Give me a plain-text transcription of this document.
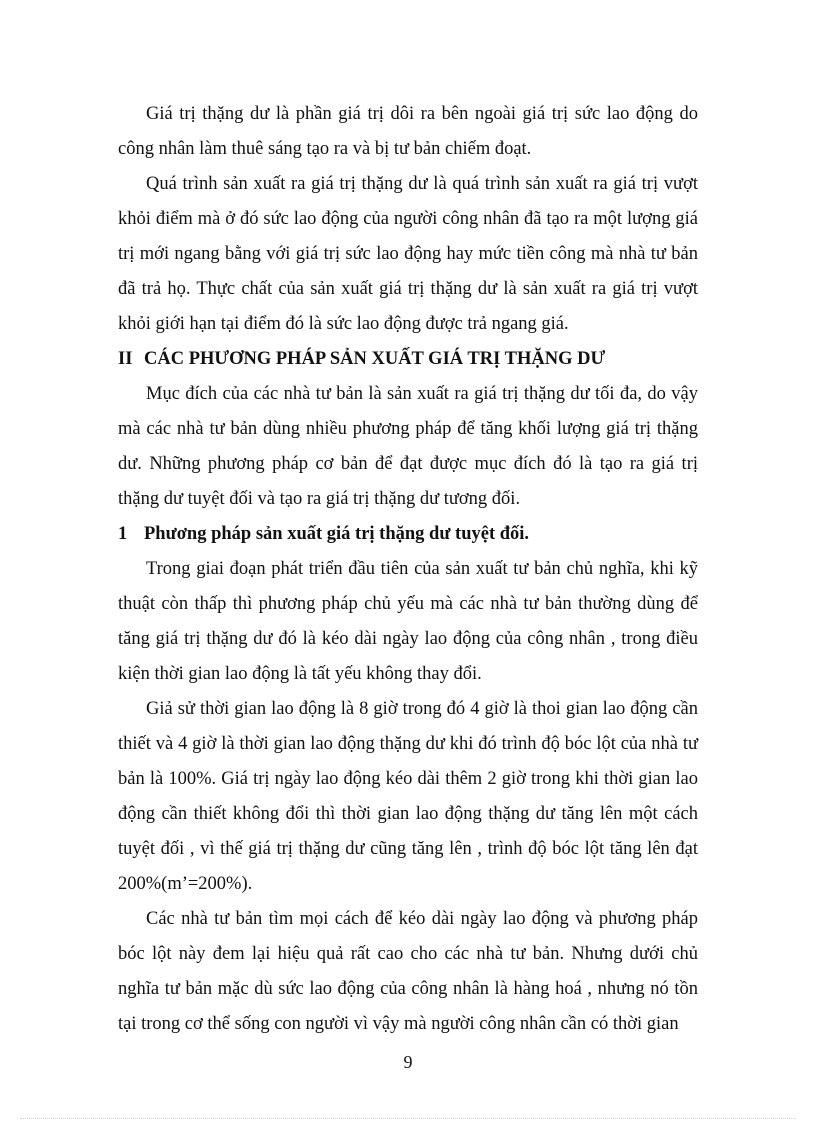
Giá trị thặng dư là phần giá trị dôi ra bên ngoài giá trị sức lao động do công nhân làm thuê sáng tạo ra và bị tư bản chiếm đoạt.

Quá trình sản xuất ra giá trị thặng dư là quá trình sản xuất ra giá trị vượt khỏi điểm mà ở đó sức lao động của người công nhân đã tạo ra một lượng giá trị mới ngang bằng với giá trị sức lao động hay mức tiền công mà nhà tư bản đã trả họ. Thực chất của sản xuất giá trị thặng dư là sản xuất ra giá trị vượt khỏi giới hạn tại điểm đó là sức lao động được trả ngang giá.

II CÁC PHƯƠNG PHÁP SẢN XUẤT GIÁ TRỊ THẶNG DƯ

Mục đích của các nhà tư bản là sản xuất ra giá trị thặng dư tối đa, do vậy mà các nhà tư bản dùng nhiều phương pháp để tăng khối lượng giá trị thặng dư. Những phương pháp cơ bản để đạt được mục đích đó là tạo ra giá trị thặng dư tuyệt đối và tạo ra giá trị thặng dư tương đối.

1 Phương pháp sản xuất giá trị thặng dư tuyệt đối.

Trong giai đoạn phát triển đầu tiên của sản xuất tư bản chủ nghĩa, khi kỹ thuật còn thấp thì phương pháp chủ yếu mà các nhà tư bản thường dùng để tăng giá trị thặng dư đó là kéo dài ngày lao động của công nhân , trong điều kiện thời gian lao động là tất yếu không thay đổi.

Giả sử thời gian lao động là 8 giờ trong đó 4 giờ là thoi gian lao động cần thiết và 4 giờ là thời gian lao động thặng dư khi đó trình độ bóc lột của nhà tư bản là 100%. Giá trị ngày lao động kéo dài thêm 2 giờ trong khi thời gian lao động cần thiết không đổi thì thời gian lao động thặng dư tăng lên một cách tuyệt đối , vì thế giá trị thặng dư cũng tăng lên , trình độ bóc lột tăng lên đạt 200%(m’=200%).

Các nhà tư bản tìm mọi cách để kéo dài ngày lao động và phương pháp bóc lột này đem lại hiệu quả rất cao cho các nhà tư bản. Nhưng dưới chủ nghĩa tư bản mặc dù sức lao động của công nhân là hàng hoá , nhưng nó tồn tại trong cơ thể sống con người vì vậy mà người công nhân cần có thời gian

9
